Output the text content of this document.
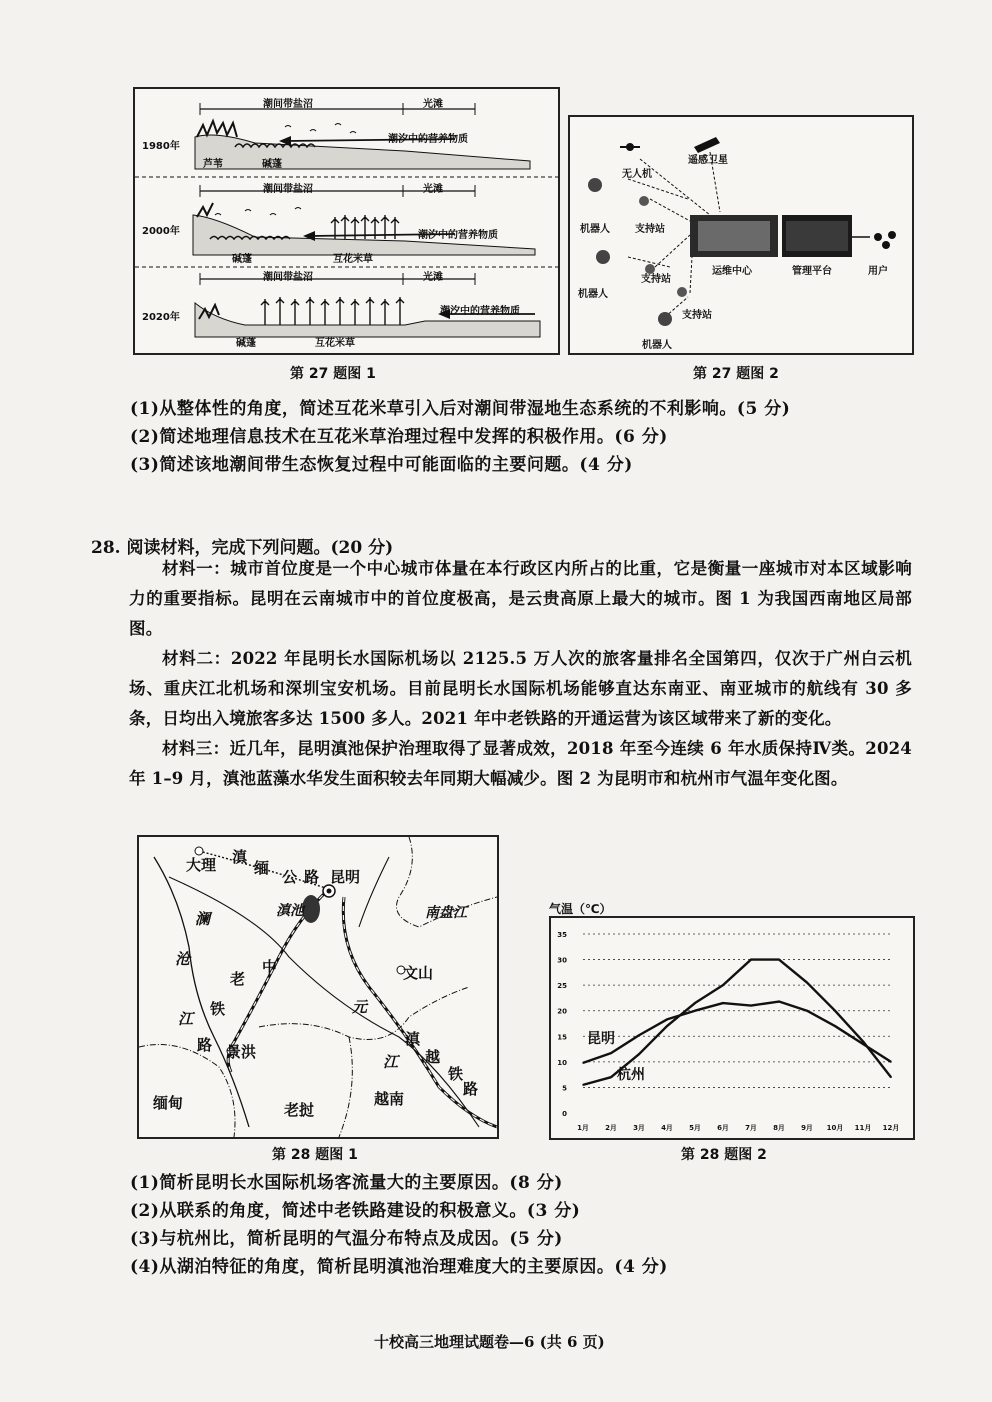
1980年
潮间带盐沼	光滩
潮汐中的营养物质
芦苇	碱蓬
2000年
潮间带盐沼	光滩
潮汐中的营养物质
碱蓬	互花米草
2020年
潮间带盐沼	光滩
潮汐中的营养物质
碱蓬	互花米草
第 27 题图 1
无人机
遥感卫星
机器人	支持站
支持站
机器人
支持站
机器人
运维中心	管理平台	用户
第 27 题图 2
(1)从整体性的角度，简述互花米草引入后对潮间带湿地生态系统的不利影响。(5 分)
(2)简述地理信息技术在互花米草治理过程中发挥的积极作用。(6 分)
(3)简述该地潮间带生态恢复过程中可能面临的主要问题。(4 分)
28. 阅读材料，完成下列问题。(20 分)

材料一：城市首位度是一个中心城市体量在本行政区内所占的比重，它是衡量一座城市对本区域影响力的重要指标。昆明在云南城市中的首位度极高，是云贵高原上最大的城市。图 1 为我国西南地区局部图。

材料二：2022 年昆明长水国际机场以 2125.5 万人次的旅客量排名全国第四，仅次于广州白云机场、重庆江北机场和深圳宝安机场。目前昆明长水国际机场能够直达东南亚、南亚城市的航线有 30 多条，日均出入境旅客多达 1500 多人。2021 年中老铁路的开通运营为该区域带来了新的变化。

材料三：近几年，昆明滇池保护治理取得了显著成效，2018 年至今连续 6 年水质保持Ⅳ类。2024 年 1–9 月，滇池蓝藻水华发生面积较去年同期大幅减少。图 2 为昆明市和杭州市气温年变化图。

大理 滇
缅 公 路 昆明
滇池	南盘江
文山
澜
沧
江
老
中
铁
路 景洪
元
江
滇
越
铁
路
缅甸	老挝
越南
第 28 题图 1
气温（℃）
0
5
10
15
20
25
30
35
1月 2月 3月 4月 5月 6月 7月 8月 9月 10月 11月 12月
昆明
杭州
第 28 题图 2
(1)简析昆明长水国际机场客流量大的主要原因。(8 分)
(2)从联系的角度，简述中老铁路建设的积极意义。(3 分)
(3)与杭州比，简析昆明的气温分布特点及成因。(5 分)
(4)从湖泊特征的角度，简析昆明滇池治理难度大的主要原因。(4 分)
十校高三地理试题卷—6 (共 6 页)
